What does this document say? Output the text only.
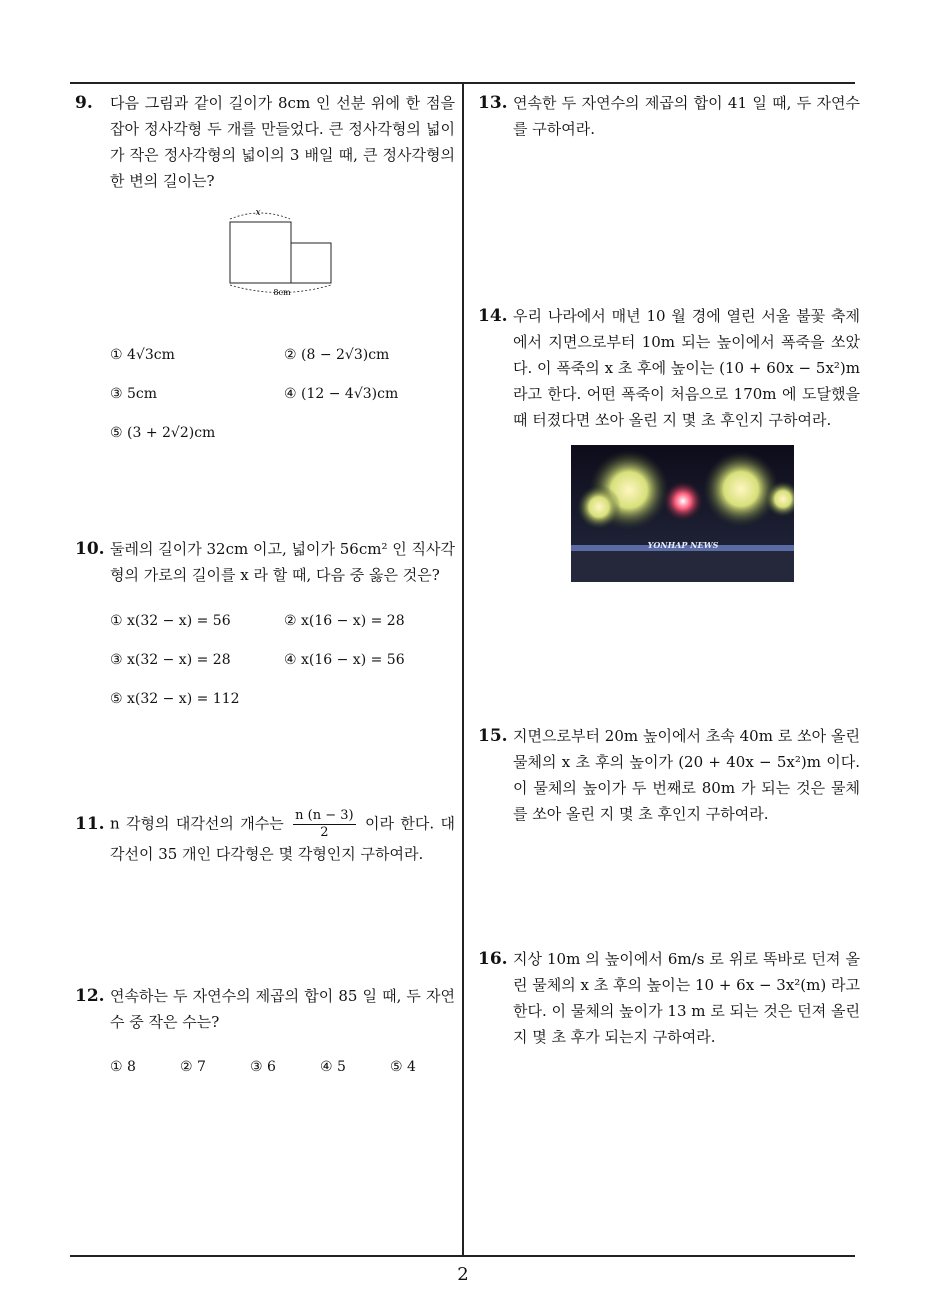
9. 다음 그림과 같이 길이가 8cm 인 선분 위에 한 점을 잡아 정사각형 두 개를 만들었다. 큰 정사각형의 넓이가 작은 정사각형의 넓이의 3 배일 때, 큰 정사각형의 한 변의 길이는?
x
8cm
① 4√3cm	② (8 − 2√3)cm
③ 5cm	④ (12 − 4√3)cm
⑤ (3 + 2√2)cm
10. 둘레의 길이가 32cm 이고, 넓이가 56cm² 인 직사각형의 가로의 길이를 x 라 할 때, 다음 중 옳은 것은?
① x(32 − x) = 56	② x(16 − x) = 28
③ x(32 − x) = 28	④ x(16 − x) = 56
⑤ x(32 − x) = 112
11. n 각형의 대각선의 개수는 $\frac{n (n - 3)}{2}$ 이라 한다. 대각선이 35 개인 다각형은 몇 각형인지 구하여라.
12. 연속하는 두 자연수의 제곱의 합이 85 일 때, 두 자연수 중 작은 수는?
① 8	② 7	③ 6	④ 5	⑤ 4
13. 연속한 두 자연수의 제곱의 합이 41 일 때, 두 자연수를 구하여라.
14. 우리 나라에서 매년 10 월 경에 열린 서울 불꽃 축제에서 지면으로부터 10m 되는 높이에서 폭죽을 쏘았다. 이 폭죽의 x 초 후에 높이는 (10 + 60x − 5x²)m 라고 한다. 어떤 폭죽이 처음으로 170m 에 도달했을 때 터졌다면 쏘아 올린 지 몇 초 후인지 구하여라.
YONHAP NEWS
15. 지면으로부터 20m 높이에서 초속 40m 로 쏘아 올린 물체의 x 초 후의 높이가 (20 + 40x − 5x²)m 이다. 이 물체의 높이가 두 번째로 80m 가 되는 것은 물체를 쏘아 올린 지 몇 초 후인지 구하여라.
16. 지상 10m 의 높이에서 6m/s 로 위로 똑바로 던져 올린 물체의 x 초 후의 높이는 10 + 6x − 3x²(m) 라고 한다. 이 물체의 높이가 13 m 로 되는 것은 던져 올린 지 몇 초 후가 되는지 구하여라.
2
